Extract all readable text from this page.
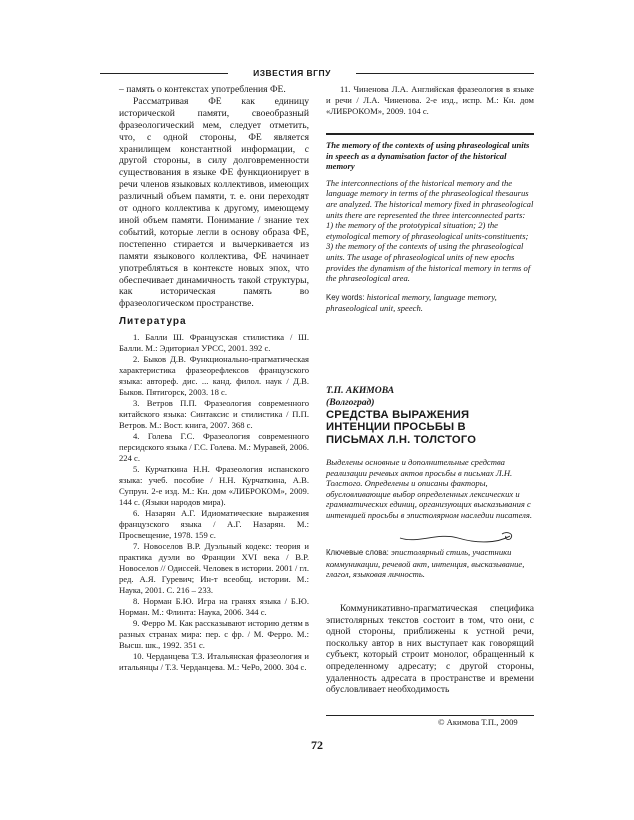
ИЗВЕСТИЯ ВГПУ

– память о контекстах употребления ФЕ.

Рассматривая ФЕ как единицу исторической памяти, своеобразный фразеологический мем, следует отметить, что, с одной стороны, ФЕ является хранилищем константной информации, с другой стороны, в силу долговременности существования в языке ФЕ функционирует в речи членов языковых коллективов, имеющих различный объем памяти, т. е. они переходят от одного коллектива к другому, имеющему иной объем памяти. Понимание / знание тех событий, которые легли в основу образа ФЕ, постепенно стирается и вычеркивается из памяти языкового коллектива, ФЕ начинает употребляться в контексте новых эпох, что обеспечивает динамичность такой структуры, как историческая память во фразеологическом пространстве.

Литература

1. Балли Ш. Французская стилистика / Ш. Балли. М.: Эдиториал УРСС, 2001. 392 с.

2. Быков Д.В. Функционально-прагматическая характеристика фразеорефлексов французского языка: автореф. дис. ... канд. филол. наук / Д.В. Быков. Пятигорск, 2003. 18 с.

3. Ветров П.П. Фразеология современного китайского языка: Синтаксис и стилистика / П.П. Ветров. М.: Вост. книга, 2007. 368 с.

4. Голева Г.С. Фразеология современного персидского языка / Г.С. Голева. М.: Муравей, 2006. 224 с.

5. Курчаткина Н.Н. Фразеология испанского языка: учеб. пособие / Н.Н. Курчаткина, А.В. Супрун. 2-е изд. М.: Кн. дом «ЛИБРОКОМ», 2009. 144 с. (Языки народов мира).

6. Назарян А.Г. Идиоматические выражения французского языка / А.Г. Назарян. М.: Просвещение, 1978. 159 с.

7. Новоселов В.Р. Дуэльный кодекс: теория и практика дуэли во Франции XVI века / В.Р. Новоселов // Одиссей. Человек в истории. 2001 / гл. ред. А.Я. Гуревич; Ин-т всеобщ. истории. М.: Наука, 2001. С. 216 – 233.

8. Норман Б.Ю. Игра на гранях языка / Б.Ю. Норман. М.: Флинта: Наука, 2006. 344 с.

9. Ферро М. Как рассказывают историю детям в разных странах мира: пер. с фр. / М. Ферро. М.: Высш. шк., 1992. 351 с.

10. Черданцева Т.З. Итальянская фразеология и итальянцы / Т.З. Черданцева. М.: ЧеРо, 2000. 304 с.

11. Чиненова Л.А. Английская фразеология в языке и речи / Л.А. Чиненова. 2-е изд., испр. М.: Кн. дом «ЛИБРОКОМ», 2009. 104 с.

The memory of the contexts of using phraseological units in speech as a dynamisation factor of the historical memory

The interconnections of the historical memory and the language memory in terms of the phraseological thesaurus are analyzed. The historical memory fixed in phraseological units there are represented the three interconnected parts: 1) the memory of the prototypical situation; 2) the etymological memory of phraseological units-constituents; 3) the memory of the contexts of using the phraseological units. The usage of phraseological units of new epochs provides the dynamism of the historical memory in terms of the phraseological area.

Key words: historical memory, language memory, phraseological unit, speech.

Т.П. АКИМОВА
(Волгоград)
СРЕДСТВА ВЫРАЖЕНИЯ ИНТЕНЦИИ ПРОСЬБЫ В ПИСЬМАХ Л.Н. ТОЛСТОГО

Выделены основные и дополнительные средства реализации речевых актов просьбы в письмах Л.Н. Толстого. Определены и описаны факторы, обусловливающие выбор определенных лексических и грамматических единиц, организующих высказывания с интенцией просьбы в эпистолярном наследии писателя.

Ключевые слова: эпистолярный стиль, участники коммуникации, речевой акт, интенция, высказывание, глагол, языковая личность.

Коммуникативно-прагматическая специфика эпистолярных текстов состоит в том, что они, с одной стороны, приближены к устной речи, поскольку автор в них выступает как говорящий субъект, который строит монолог, обращенный к определенному адресату; с другой стороны, удаленность адресата в пространстве и времени обусловливает необходимость

© Акимова Т.П., 2009
72
